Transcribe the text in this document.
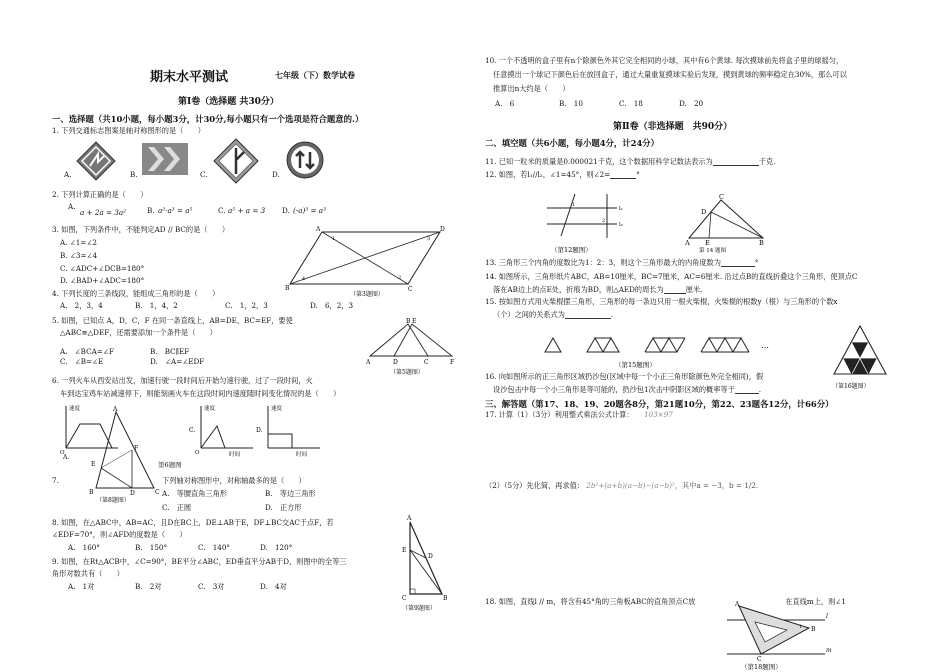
期末水平测试	七年级（下）数学试卷
第Ⅰ卷（选择题 共30分）
一、选择题（共10小题，每小题3分，计30分,每小题只有一个选项是符合题意的.）
1. 下列交通标志图案是轴对称图形的是（　　）
A.	B.	C.	D.
2. 下列计算正确的是（　　）
A.
a + 2a = 3a²	B. a²·a³ = a⁵	C. a⁵ + a = 3 D. (-a)³ = a³
3. 如图，下列条件中，不能判定AD // BC的是（　　）
A. ∠1=∠2
B. ∠3=∠4
C. ∠ADC+∠DCB=180°
D. ∠BAD+∠ADC=180°
A	D
B	C
1
2
3
4
（第3题图）
4. 下列长度的三条线段，能组成三角形的是（　　）
A.　2，3，4	B.　1，4，2	C.　1，2，3	D.　6，2，3
5. 如图，已知点 A，D，C，F 在同一条直线上，AB=DE，BC=EF，要使
△ABC≌△DEF，还需要添加一个条件是（　　）
A.　∠BCA=∠F	B.　BC∥EF
C.　∠B=∠E	D.　∠A=∠EDF
B E
A	D	C	F
（第5题图）
6. 一列火车从西安站出发，加速行驶一段时间后开始匀速行驶，过了一段时间，火
车到达宝鸡车站减速停下，则能刻画火车在这段时间内速度随时间变化情况的是（　　）
速度
O
A.
速度
时间
O
C.
速度
时间
D.
第6题图
A
E
F
B	D	C
（第8题图）
7.	下列轴对称图形中，对称轴最多的是（　　）
A.　等腰直角三角形	B.　等边三角形
C.　正圆	D.　正方形
8. 如图，在△ABC中，AB=AC，且D在BC上，DE⊥AB于E，DF⊥BC交AC于点F，若
∠EDF=70°，则∠AFD的度数是（　　）
A.　160°	B.　150°	C.　140°	D.　120°
9. 如图，在Rt△ACB中，∠C=90°，BE平分∠ABC，ED垂直平分AB于D，则图中的全等三
角形对数共有（　　）
A.　1对	B.　2对	C.　3对	D.　4对
A
E
D
C	B
（第9题图）
10. 一个不透明的盒子里有n个除颜色外其它完全相同的小球，其中有6个黄球. 每次摸球前先将盒子里的球摇匀，
任意摸出一个球记下颜色后在放回盒子，通过大量重复摸球实验后发现，摸到黄球的频率稳定在30%，那么可以
推算出n大约是（　　）
A.　6	B.　10	C.　18	D.　20
第Ⅱ卷（非选择题　共90分）
二、填空题（共6小题，每小题4分，计24分）
11. 已知一粒米的质量是0.000021千克，这个数据用科学记数法表示为	千克.
12. 如图，若l₁//l₂，∠1=45°，则∠2=	°
l₁
l₂
1
2
（第12题图）
C
D
A E	B
第 14 题图
13. 三角形三个内角的度数比为1：2：3，则这个三角形最大的内角度数为	°
14. 如图所示，三角形纸片ABC，AB=10厘米，BC=7厘米，AC=6厘米. 沿过点B的直线折叠这个三角形，使顶点C
落在AB边上的点E处，折痕为BD，则△AED的周长为	厘米.
15. 按如图方式用火柴棍摆三角形，三角形的每一条边只用一根火柴棍，火柴棍的根数y（根）与三角形的个数x
（个）之间的关系式为	.
…
（第15题图）
（第16题图）
16. 向如图所示的正三角形区域扔沙包(区域中每一个小正三角形除颜色外完全相同)，假
设沙包击中每一个小三角形是等可能的，扔沙包1次击中阴影区域的概率等于	.
三、解答题（第17、18、19、20题各8分，第21题10分，第22、23题各12分，计66分）
17. 计算（1）（3分）利用整式乘法公式计算： 103×97
（2）（5分）先化简，再求值： 2b²+(a+b)(a−b)−(a−b)²，其中a = −3，b = 1/2.
18. 如图，直线l // m，将含有45°角的三角板ABC的直角顶点C放	在直线m上，则∠1
A
C
B
l
m
1
（第18题图）
